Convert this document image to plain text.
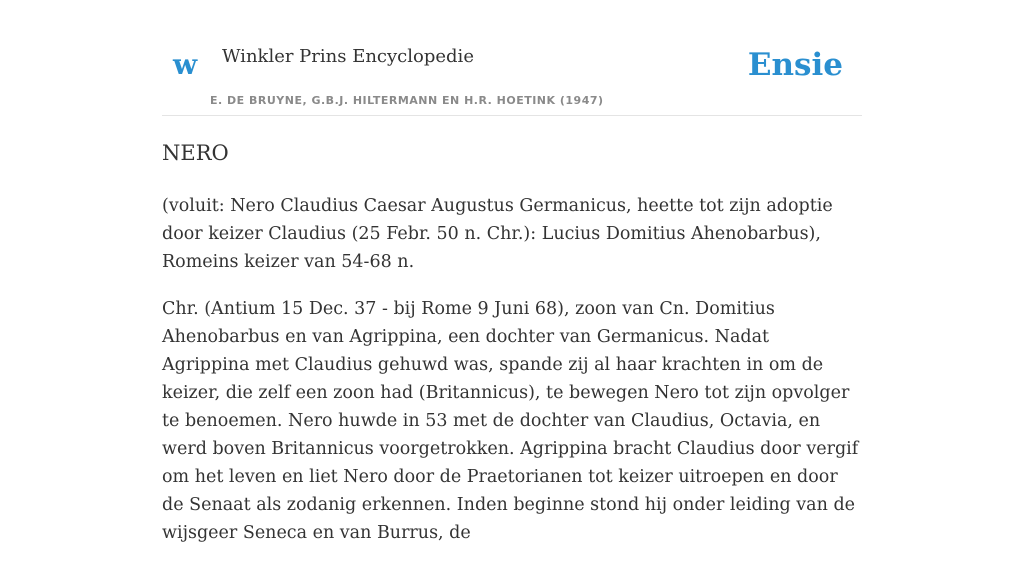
w Winkler Prins Encyclopedie
E. DE BRUYNE, G.B.J. HILTERMANN EN H.R. HOETINK (1947)
Ensie
NERO

(voluit: Nero Claudius Caesar Augustus Germanicus, heette tot zijn adoptie door keizer Claudius (25 Febr. 50 n. Chr.): Lucius Domitius Ahenobarbus), Romeins keizer van 54-68 n.

Chr. (Antium 15 Dec. 37 - bij Rome 9 Juni 68), zoon van Cn. Domitius Ahenobarbus en van Agrippina, een dochter van Germanicus. Nadat Agrippina met Claudius gehuwd was, spande zij al haar krachten in om de keizer, die zelf een zoon had (Britannicus), te bewegen Nero tot zijn opvolger te benoemen. Nero huwde in 53 met de dochter van Claudius, Octavia, en werd boven Britannicus voorgetrokken. Agrippina bracht Claudius door vergif om het leven en liet Nero door de Praetorianen tot keizer uitroepen en door de Senaat als zodanig erkennen. Inden beginne stond hij onder leiding van de wijsgeer Seneca en van Burrus, de
